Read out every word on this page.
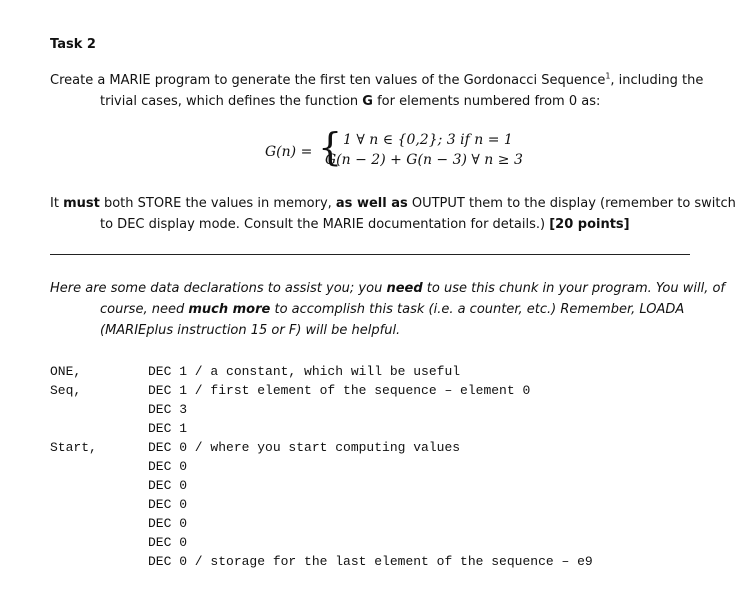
Task 2
Create a MARIE program to generate the first ten values of the Gordonacci Sequence$^1$, including the
trivial cases, which defines the function G for elements numbered from 0 as:
G(n) = { 1 ∀ n ∈ {0,2}; 3 if n = 1
G(n − 2) + G(n − 3) ∀ n ≥ 3
It must both STORE the values in memory, as well as OUTPUT them to the display (remember to switch
to DEC display mode. Consult the MARIE documentation for details.) [20 points]
Here are some data declarations to assist you; you need to use this chunk in your program. You will, of
course, need much more to accomplish this task (i.e. a counter, etc.) Remember, LOADA
(MARIEplus instruction 15 or F) will be helpful.
ONE,	DEC 1 / a constant, which will be useful
Seq,	DEC 1 / first element of the sequence – element 0
DEC 3
DEC 1
Start,	DEC 0 / where you start computing values
DEC 0
DEC 0
DEC 0
DEC 0
DEC 0
DEC 0 / storage for the last element of the sequence – e9
